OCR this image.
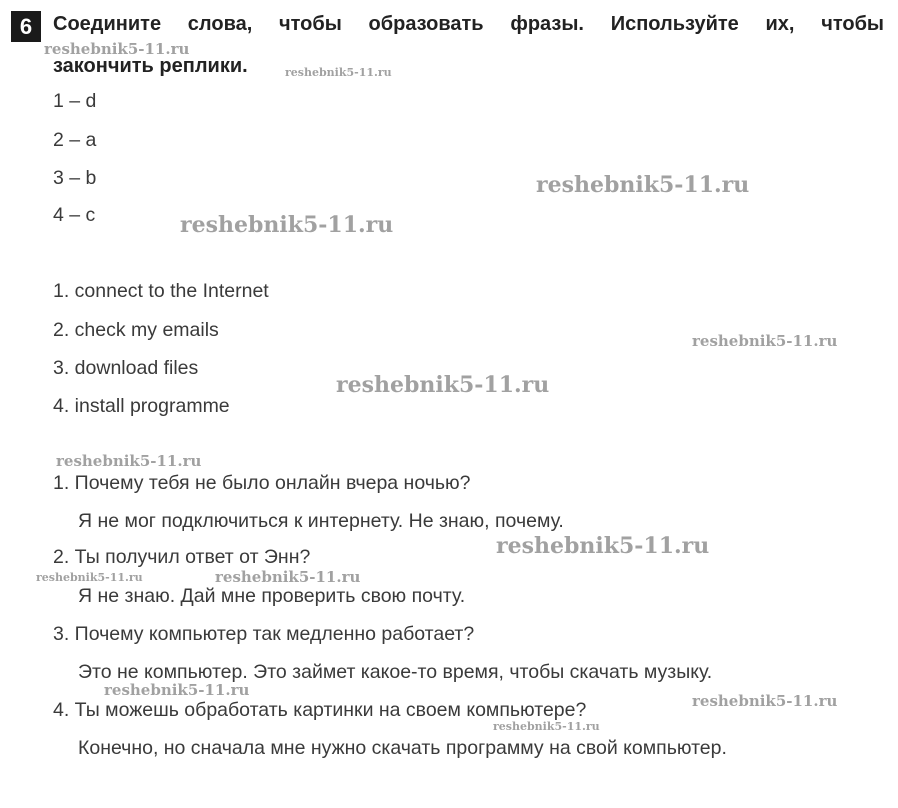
6	Соедините слова, чтобы образовать фразы. Используйте их, чтобы
закончить реплики.
1 – d
2 – a
3 – b
4 – c
1. connect to the Internet
2. check my emails
3. download files
4. install programme
1. Почему тебя не было онлайн вчера ночью?
Я не мог подключиться к интернету. Не знаю, почему.
2. Ты получил ответ от Энн?
Я не знаю. Дай мне проверить свою почту.
3. Почему компьютер так медленно работает?
Это не компьютер. Это займет какое-то время, чтобы скачать музыку.
4. Ты можешь обработать картинки на своем компьютере?
Конечно, но сначала мне нужно скачать программу на свой компьютер.
reshebnik5-11.ru
reshebnik5-11.ru
reshebnik5-11.ru
reshebnik5-11.ru
reshebnik5-11.ru
reshebnik5-11.ru
reshebnik5-11.ru
reshebnik5-11.ru
reshebnik5-11.ru	reshebnik5-11.ru
reshebnik5-11.ru
reshebnik5-11.ru
reshebnik5-11.ru
